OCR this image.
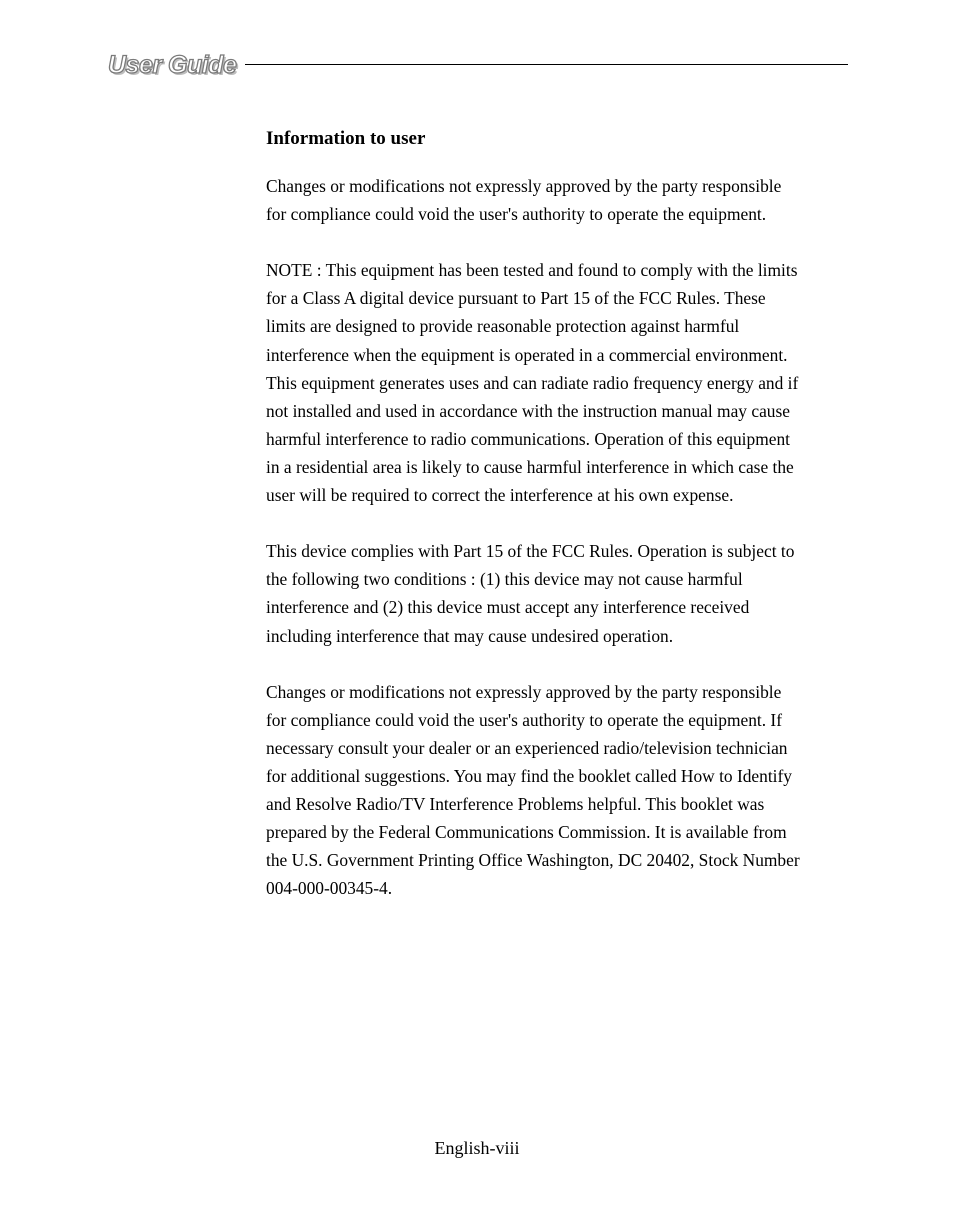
User Guide
Information to user

Changes or modifications not expressly approved by the party responsible
for compliance could void the user's authority to operate the equipment.

NOTE : This equipment has been tested and found to comply with the limits
for a Class A digital device pursuant to Part 15 of the FCC Rules. These
limits are designed to provide reasonable protection against harmful
interference when the equipment is operated in a commercial environment.
This equipment generates uses and can radiate radio frequency energy and if
not installed and used in accordance with the instruction manual may cause
harmful interference to radio communications. Operation of this equipment
in a residential area is likely to cause harmful interference in which case the
user will be required to correct the interference at his own expense.

This device complies with Part 15 of the FCC Rules. Operation is subject to
the following two conditions : (1) this device may not cause harmful
interference and (2) this device must accept any interference received
including interference that may cause undesired operation.

Changes or modifications not expressly approved by the party responsible
for compliance could void the user's authority to operate the equipment. If
necessary consult your dealer or an experienced radio/television technician
for additional suggestions. You may find the booklet called How to Identify
and Resolve Radio/TV Interference Problems helpful. This booklet was
prepared by the Federal Communications Commission. It is available from
the U.S. Government Printing Office Washington, DC 20402, Stock Number
004-000-00345-4.

English-viii
